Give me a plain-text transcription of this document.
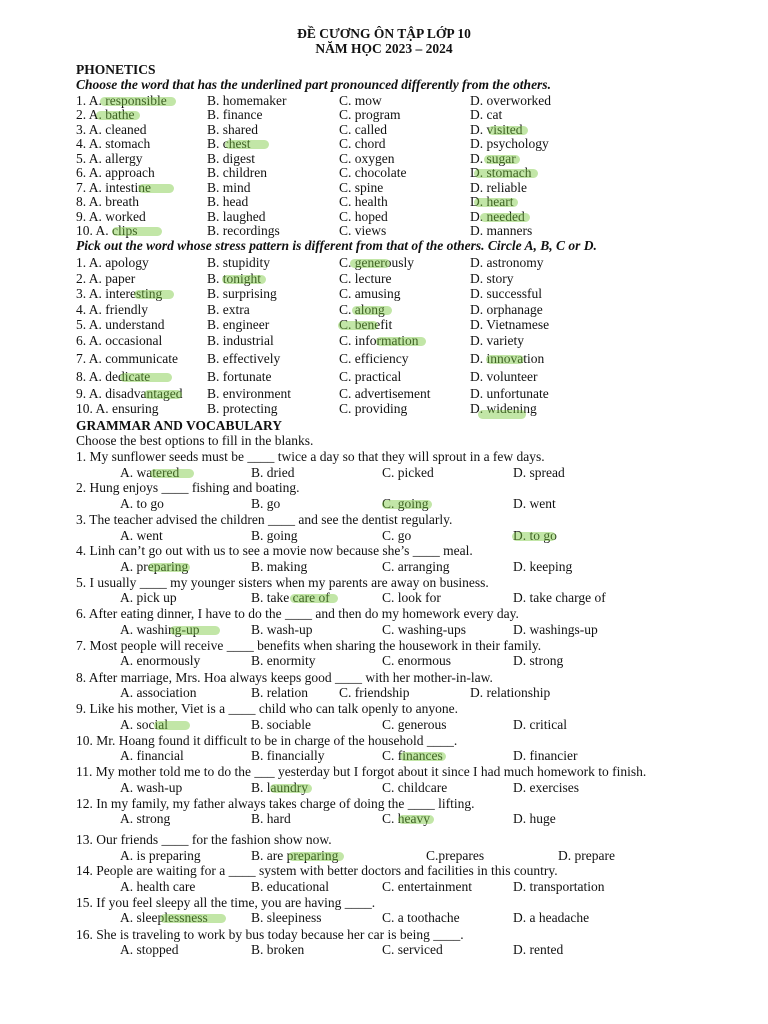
ĐỀ CƯƠNG ÔN TẬP LỚP 10
NĂM HỌC 2023 – 2024
PHONETICS
Choose the word that has the underlined part pronounced differently from the others.
1. A. responsible	B. homemaker	C. mow	D. overworked
2. A. bathe	B. finance	C. program	D. cat
3. A. cleaned	B. shared	C. called	D. visited
4. A. stomach	B. chest	C. chord	D. psychology
5. A. allergy	B. digest	C. oxygen	D. sugar
6. A. approach	B. children	C. chocolate	D. stomach
7. A. intestine	B. mind	C. spine	D. reliable
8. A. breath	B. head	C. health	D. heart
9. A. worked	B. laughed	C. hoped	D. needed
10. A. clips	B. recordings	C. views	D. manners
Pick out the word whose stress pattern is different from that of the others. Circle A, B, C or D.
1. A. apology	B. stupidity	C. generously	D. astronomy
2. A. paper	B. tonight	C. lecture	D. story
3. A. interesting	B. surprising	C. amusing	D. successful
4. A. friendly	B. extra	C. along	D. orphanage
5. A. understand	B. engineer	C. benefit	D. Vietnamese
6. A. occasional	B. industrial	C. information	D. variety
7. A. communicate B. effectively	C. efficiency	D. innovation
8. A. dedicate	B. fortunate	C. practical	D. volunteer
9. A. disadvantaged B. environment	C. advertisement	D. unfortunate
10. A. ensuring	B. protecting	C. providing	D. widening
GRAMMAR AND VOCABULARY
Choose the best options to fill in the blanks.
1. My sunflower seeds must be ____ twice a day so that they will sprout in a few days.
A. watered	B. dried	C. picked	D. spread
2. Hung enjoys ____ fishing and boating.
A. to go	B. go	C. going	D. went
3. The teacher advised the children ____ and see the dentist regularly.
A. went	B. going	C. go	D. to go
4. Linh can’t go out with us to see a movie now because she’s ____ meal.
A. preparing	B. making	C. arranging	D. keeping
5. I usually ____ my younger sisters when my parents are away on business.
A. pick up	B. take care of	C. look for	D. take charge of
6. After eating dinner, I have to do the ____ and then do my homework every day.
A. washing-up	B. wash-up	C. washing-ups	D. washings-up
7. Most people will receive ____ benefits when sharing the housework in their family.
A. enormously	B. enormity	C. enormous	D. strong
8. After marriage, Mrs. Hoa always keeps good ____ with her mother-in-law.
A. association	B. relation C. friendship	D. relationship
9. Like his mother, Viet is a ____ child who can talk openly to anyone.
A. social	B. sociable	C. generous	D. critical
10. Mr. Hoang found it difficult to be in charge of the household ____.
A. financial	B. financially	C. finances	D. financier
11. My mother told me to do the ___ yesterday but I forgot about it since I had much homework to finish.
A. wash-up	B. laundry	C. childcare	D. exercises
12. In my family, my father always takes charge of doing the ____ lifting.
A. strong	B. hard	C. heavy	D. huge
13. Our friends ____ for the fashion show now.
A. is preparing	B. are preparing	C.prepares	D. prepare
14. People are waiting for a ____ system with better doctors and facilities in this country.
A. health care	B. educational	C. entertainment	D. transportation
15. If you feel sleepy all the time, you are having ____.
A. sleeplessness	B. sleepiness	C. a toothache	D. a headache
16. She is traveling to work by bus today because her car is being ____.
A. stopped	B. broken	C. serviced	D. rented
